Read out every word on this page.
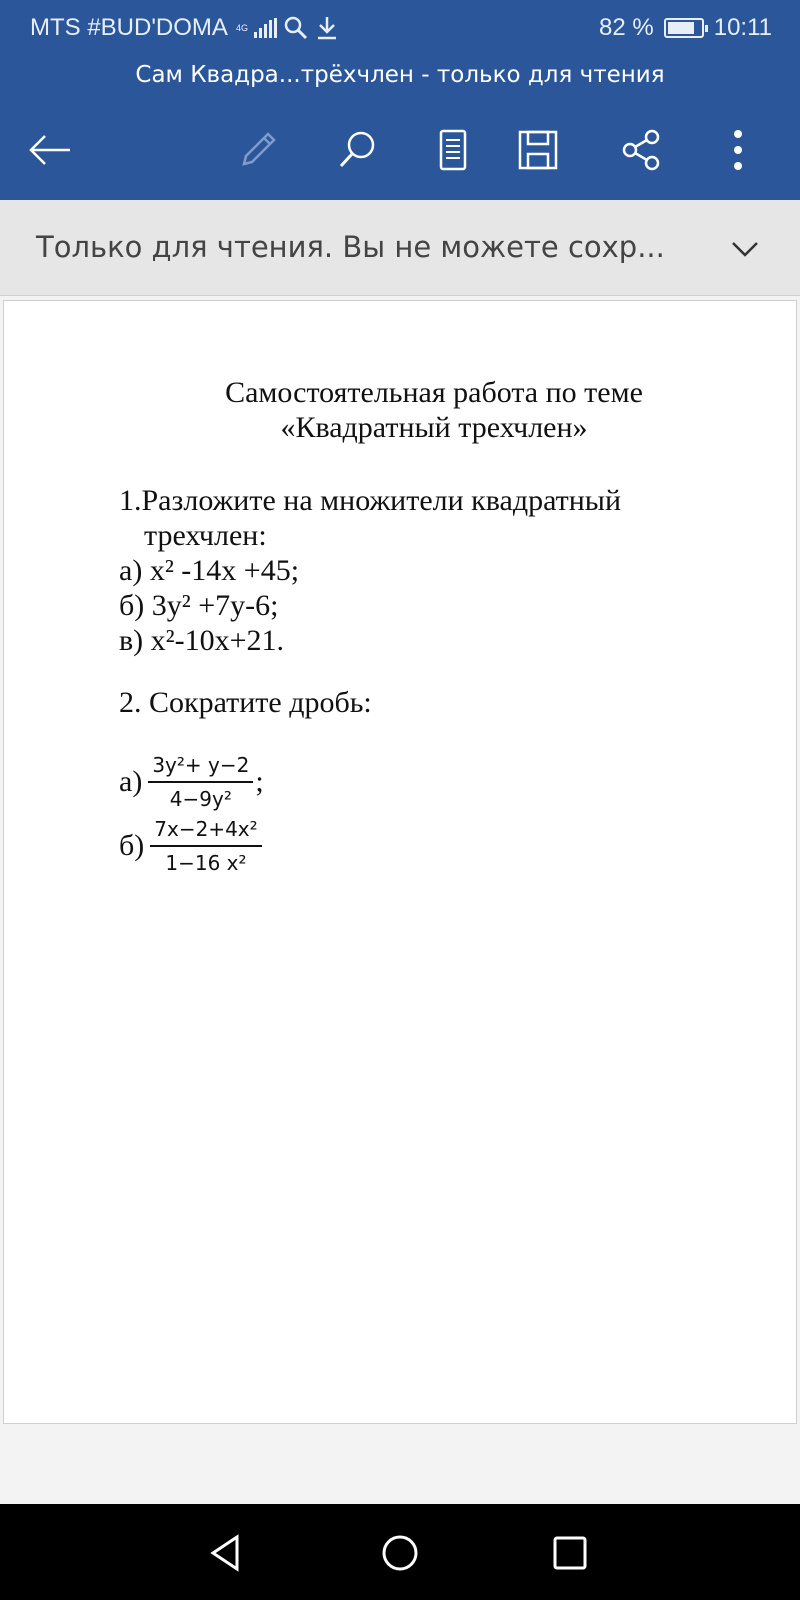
MTS #BUD'DOMA 4G	82 %	10:11
Сам Квадра...трёхчлен - только для чтения
Только для чтения. Вы не можете сохр...
Самостоятельная работа по теме
«Квадратный трехчлен»
1.Разложите на множители квадратный
трехчлен:
а) x² -14x +45;
б) 3y² +7y-6;
в) x²-10x+21.
2. Сократите дробь:
$а) \frac{\text{3y²+ y−2}}{\text{4−9y²}}$ ;
$б) \frac{\text{7x−2+4x²}}{\text{1−16 x²}}$
